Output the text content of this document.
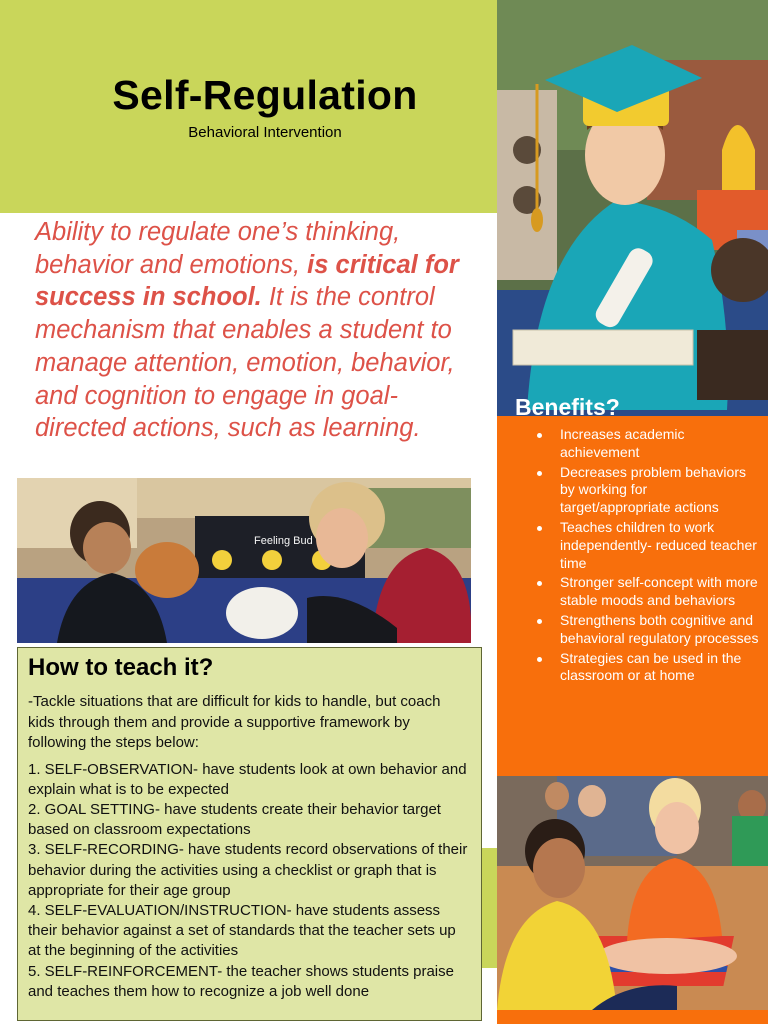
Self-Regulation
Behavioral Intervention

Ability to regulate one’s thinking, behavior and emotions, is critical for success in school. It is the control mechanism that enables a student to manage attention, emotion, behavior, and cognition to engage in goal-directed actions, such as learning.

Feeling Bud
Benefits?
Increases academic achievement
Decreases problem behaviors by working for target/appropriate actions
Teaches children to work independently- reduced teacher time
Stronger self-concept with more stable moods and behaviors
Strengthens both cognitive and behavioral regulatory processes
Strategies can be used in the classroom or at home
How to teach it?

-Tackle situations that are difficult for kids to handle, but coach kids through them and provide a supportive framework by following the steps below:

1. SELF-OBSERVATION- have students look at own behavior and explain what is to be expected
2. GOAL SETTING- have students create their behavior target based on classroom expectations
3. SELF-RECORDING- have students record observations of their behavior during the activities using a checklist or graph that is appropriate for their age group
4. SELF-EVALUATION/INSTRUCTION- have students assess their behavior against a set of standards that the teacher sets up at the beginning of the activities
5. SELF-REINFORCEMENT- the teacher shows students praise and teaches them how to recognize a job well done
